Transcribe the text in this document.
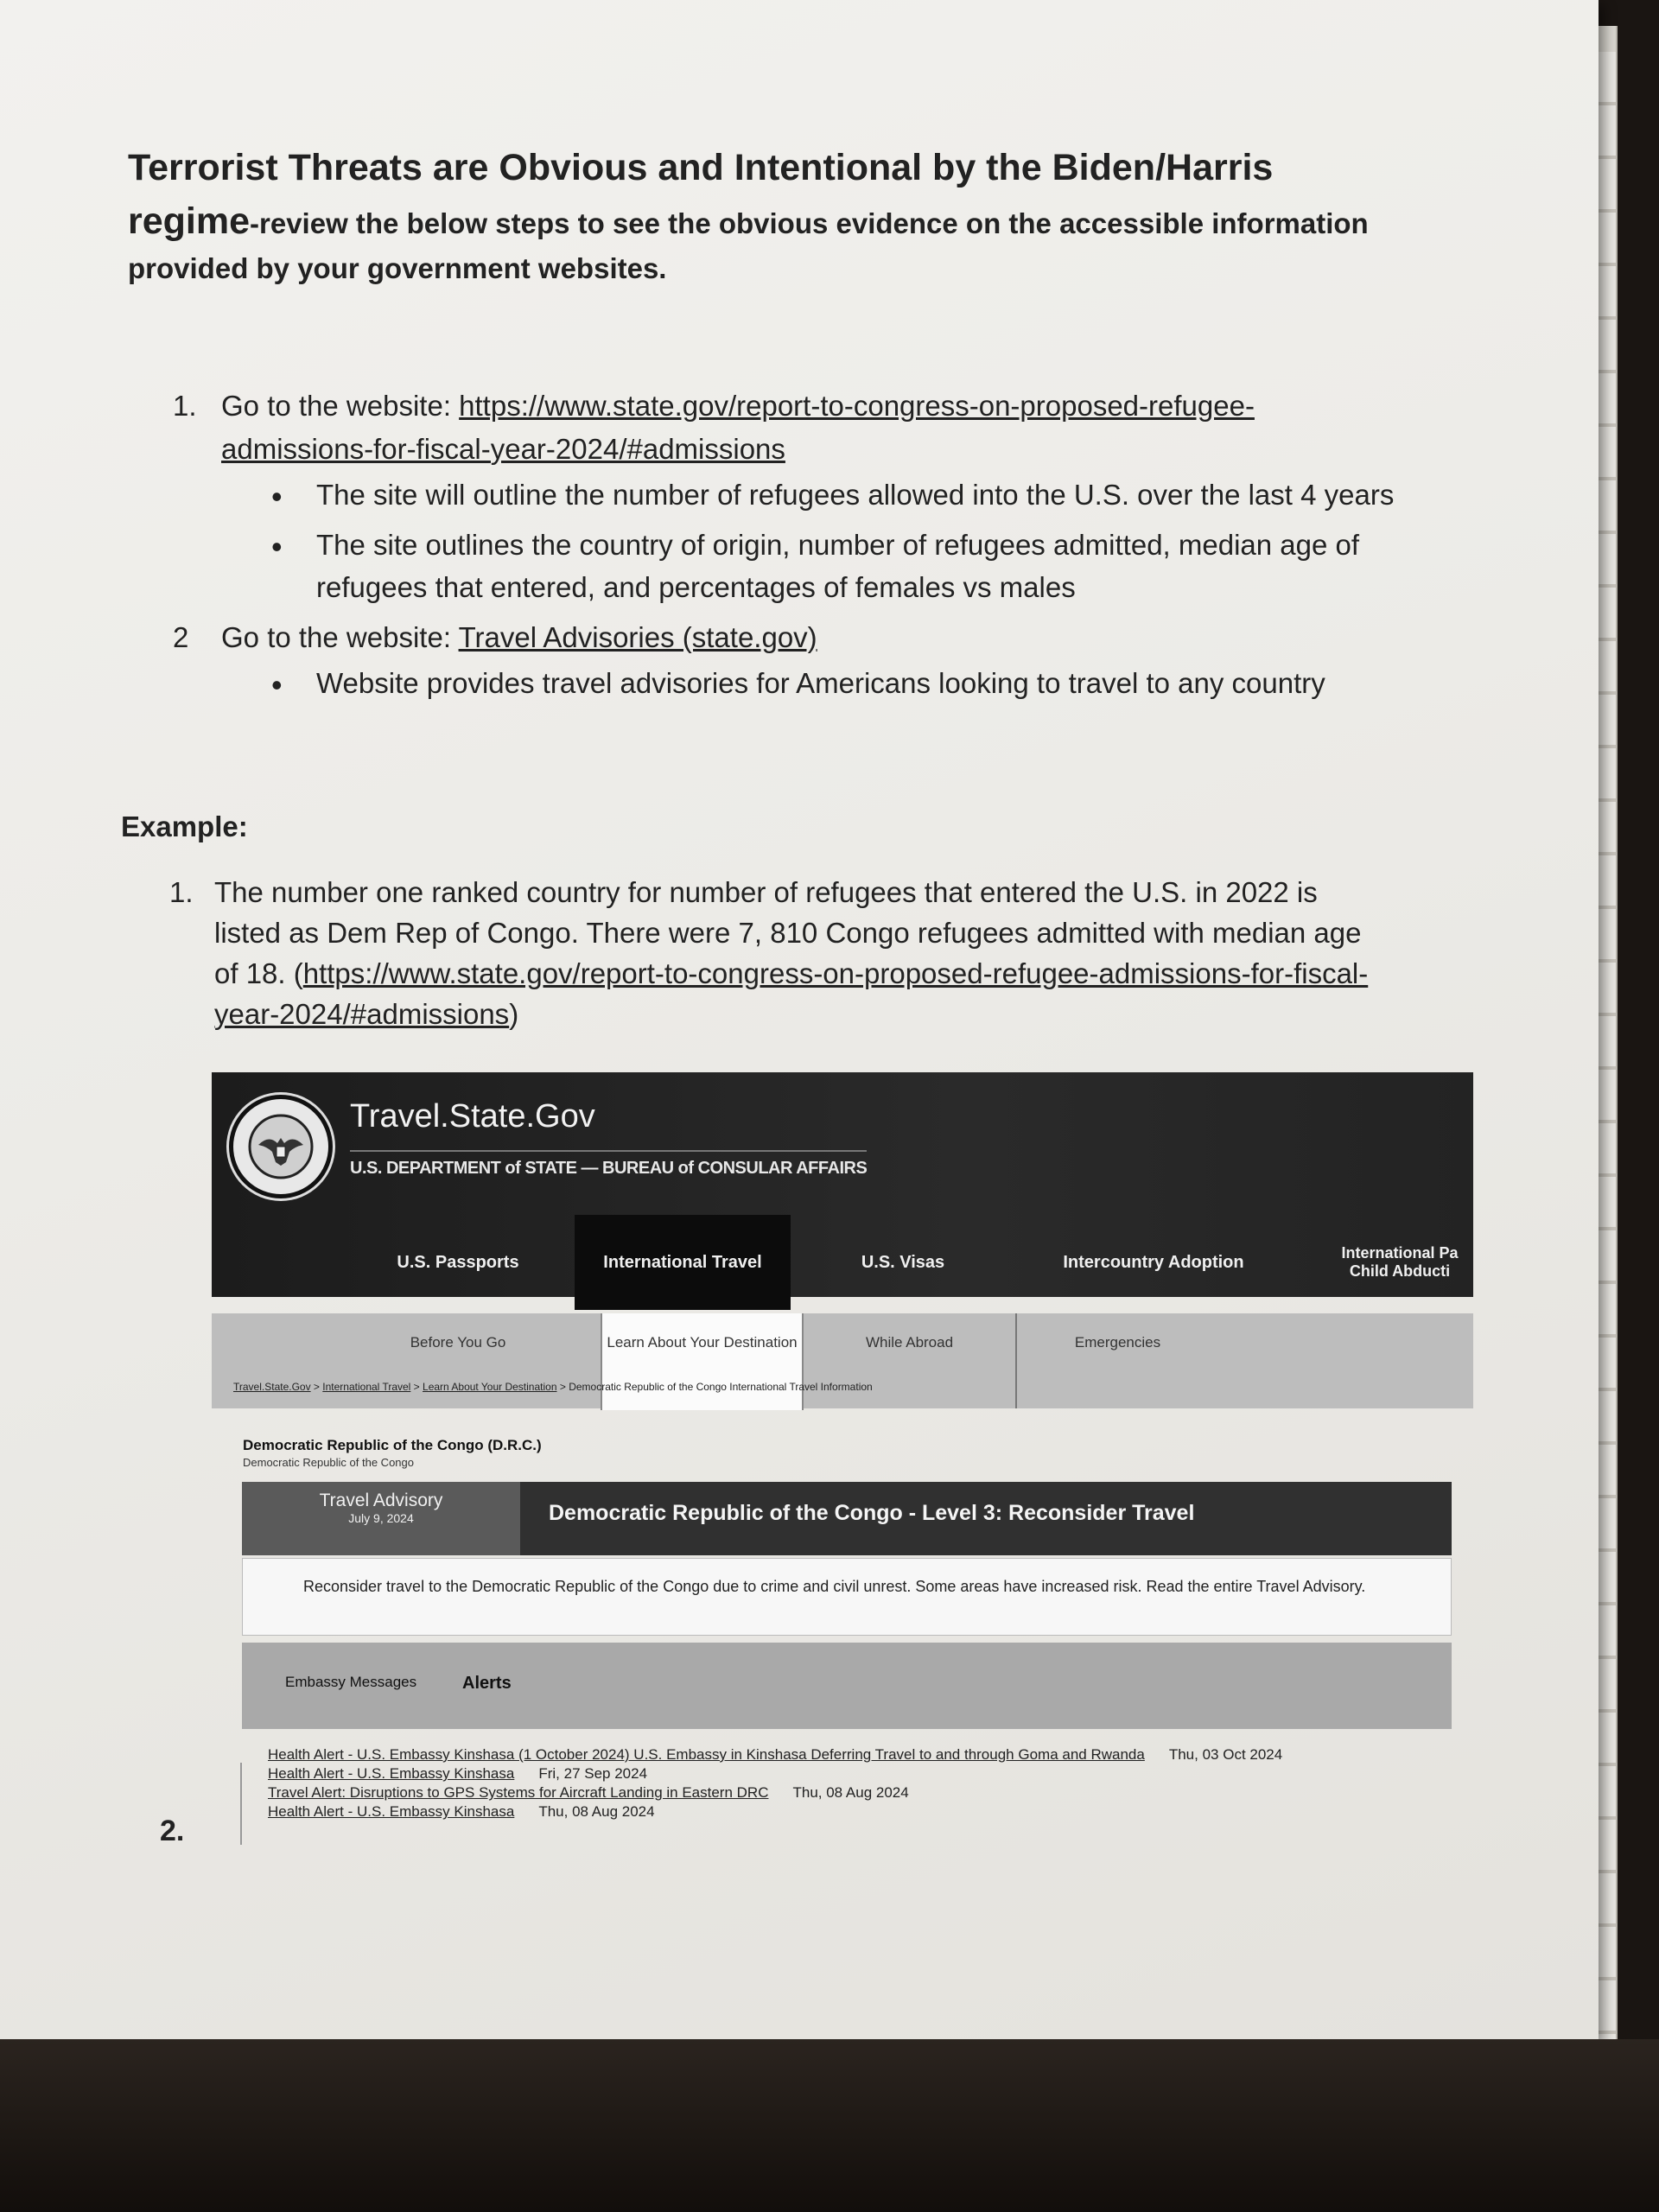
Terrorist Threats are Obvious and Intentional by the Biden/Harris
regime-review the below steps to see the obvious evidence on the accessible information provided by your government websites.
1. Go to the website: https://www.state.gov/report-to-congress-on-proposed-refugee-admissions-for-fiscal-year-2024/#admissions
• The site will outline the number of refugees allowed into the U.S. over the last 4 years
• The site outlines the country of origin, number of refugees admitted, median age of refugees that entered, and percentages of females vs males
2 Go to the website: Travel Advisories (state.gov)
• Website provides travel advisories for Americans looking to travel to any country
Example:
1. The number one ranked country for number of refugees that entered the U.S. in 2022 is listed as Dem Rep of Congo. There were 7, 810 Congo refugees admitted with median age of 18. (https://www.state.gov/report-to-congress-on-proposed-refugee-admissions-for-fiscal-year-2024/#admissions)
Travel.State.Gov
U.S. DEPARTMENT of STATE — BUREAU of CONSULAR AFFAIRS
U.S. Passports	International Travel	U.S. Visas	Intercountry Adoption	International Pa Child Abducti
Before You Go	Learn About Your Destination	While Abroad	Emergencies
Travel.State.Gov > International Travel > Learn About Your Destination > Democratic Republic of the Congo International Travel Information
Democratic Republic of the Congo (D.R.C.)
Democratic Republic of the Congo
Travel Advisory
July 9, 2024	Democratic Republic of the Congo - Level 3: Reconsider Travel
Reconsider travel to the Democratic Republic of the Congo due to crime and civil unrest. Some areas have increased risk. Read the entire Travel Advisory.
Embassy Messages	Alerts
Health Alert - U.S. Embassy Kinshasa (1 October 2024) U.S. Embassy in Kinshasa Deferring Travel to and through Goma and Rwanda Thu, 03 Oct 2024
Health Alert - U.S. Embassy Kinshasa Fri, 27 Sep 2024
Travel Alert: Disruptions to GPS Systems for Aircraft Landing in Eastern DRC Thu, 08 Aug 2024
Health Alert - U.S. Embassy Kinshasa Thu, 08 Aug 2024
2.
